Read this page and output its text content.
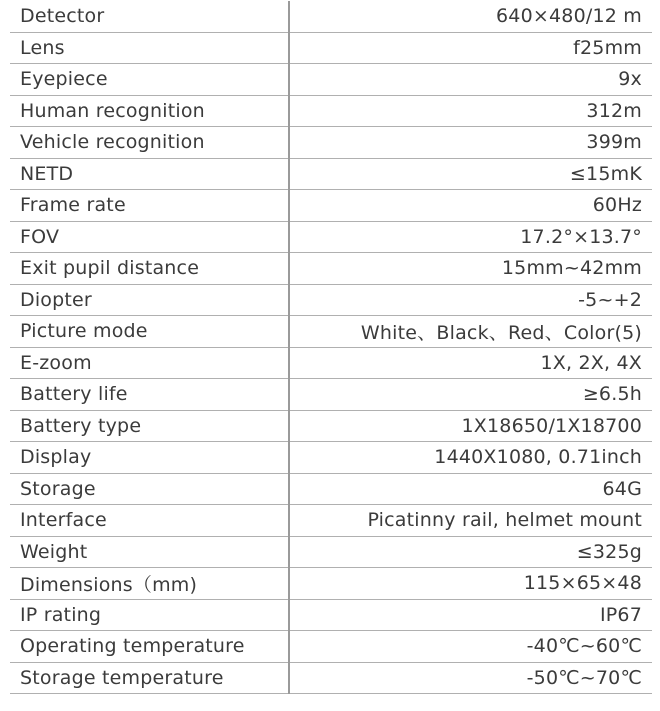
Detector	640×480/12 m
Lens	f25mm
Eyepiece	9x
Human recognition	312m
Vehicle recognition	399m
NETD	≤15mK
Frame rate	60Hz
FOV	17.2°×13.7°
Exit pupil distance	15mm~42mm
Diopter	-5~+2
Picture mode	White、Black、Red、Color(5)
E-zoom	1X, 2X, 4X
Battery life	≥6.5h
Battery type	1X18650/1X18700
Display	1440X1080, 0.71inch
Storage	64G
Interface	Picatinny rail, helmet mount
Weight	≤325g
Dimensions（mm)	115×65×48
IP rating	IP67
Operating temperature	-40℃~60℃
Storage temperature	-50℃~70℃
